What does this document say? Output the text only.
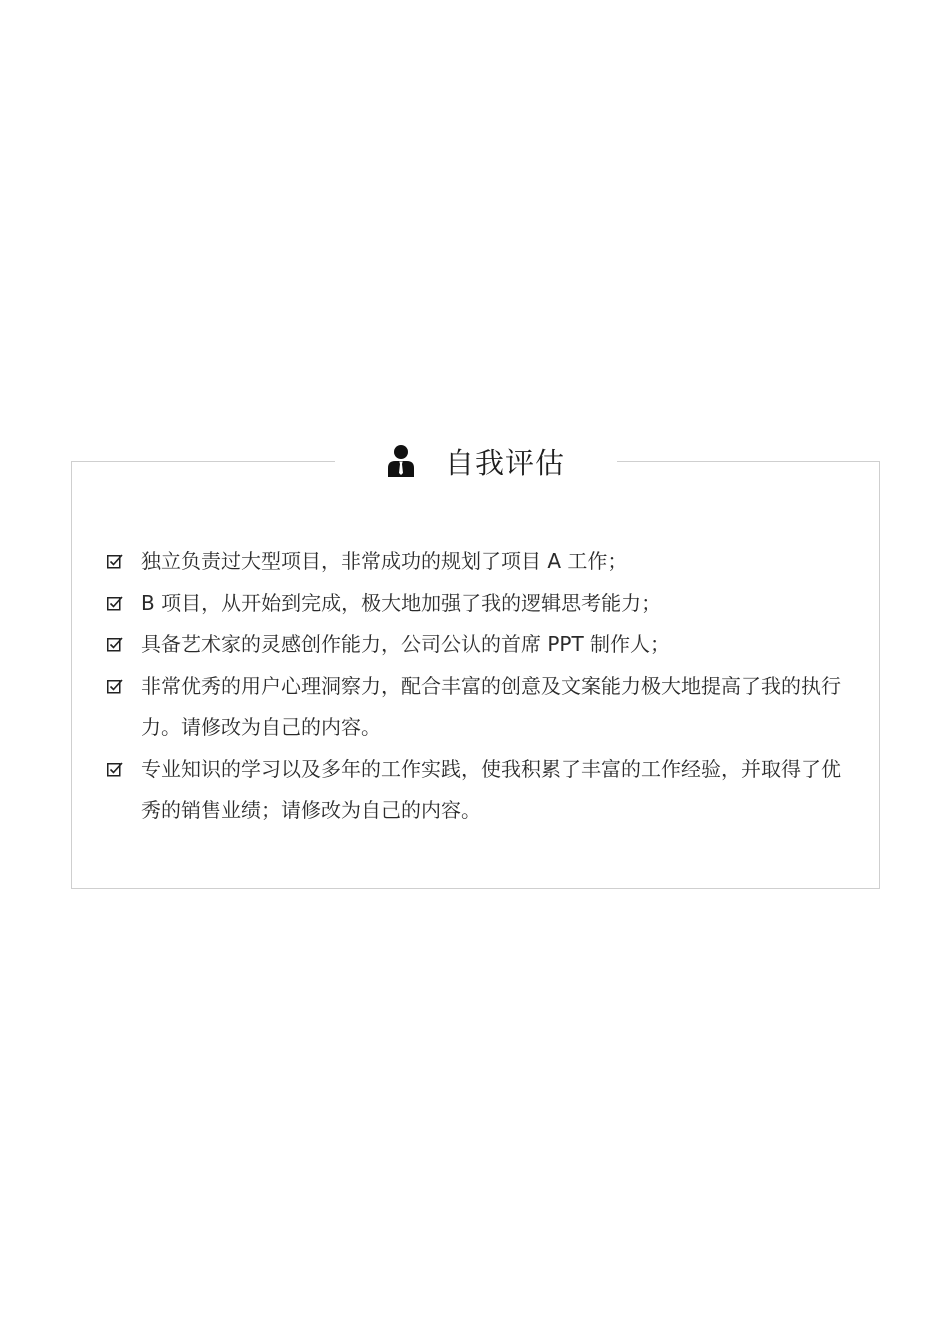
自我评估
独立负责过大型项目，非常成功的规划了项目 A 工作；
B 项目，从开始到完成，极大地加强了我的逻辑思考能力；
具备艺术家的灵感创作能力，公司公认的首席 PPT 制作人；
非常优秀的用户心理洞察力，配合丰富的创意及文案能力极大地提高了我的执行力。请修改为自己的内容。
专业知识的学习以及多年的工作实践，使我积累了丰富的工作经验，并取得了优秀的销售业绩；请修改为自己的内容。
